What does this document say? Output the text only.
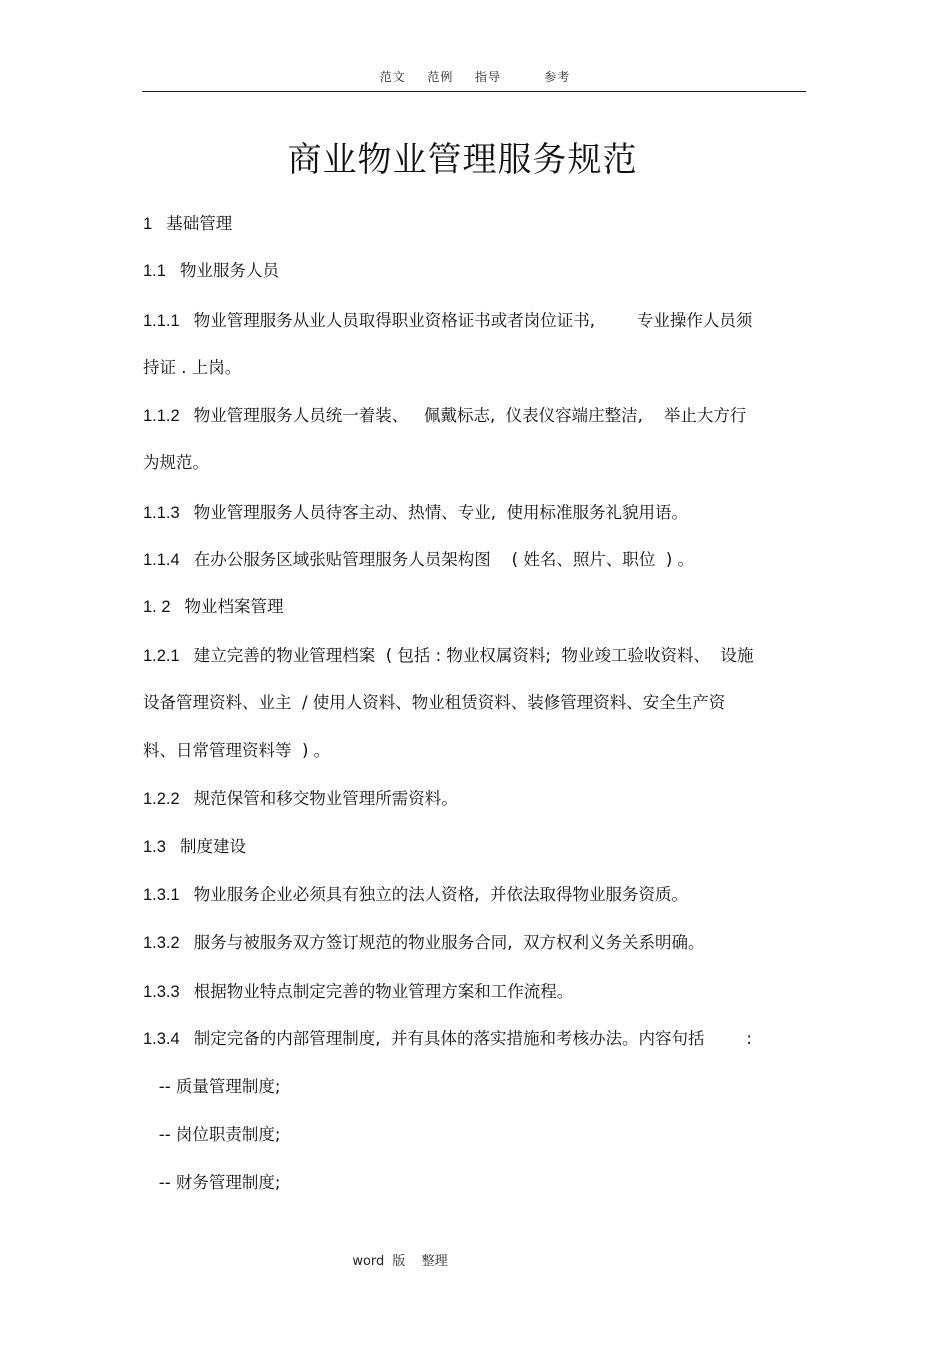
范文  范例  指导    参考
商业物业管理服务规范
1 基础管理
1.1 物业服务人员
1.1.1 物业管理服务从业人员取得职业资格证书或者岗位证书,        专业操作人员须
持证 . 上岗。
1.1.2 物业管理服务人员统一着装、   佩戴标志,  仪表仪容端庄整洁,    举止大方行
为规范。
1.1.3 物业管理服务人员待客主动、热情、专业,  使用标准服务礼貌用语。
1.1.4 在办公服务区域张贴管理服务人员架构图    ( 姓名、照片、职位  ) 。
1. 2 物业档案管理
1.2.1 建立完善的物业管理档案  ( 包括 : 物业权属资料;  物业竣工验收资料、  设施
设备管理资料、业主  / 使用人资料、物业租赁资料、装修管理资料、安全生产资
料、日常管理资料等  ) 。
1.2.2 规范保管和移交物业管理所需资料。
1.3 制度建设
1.3.1 物业服务企业必须具有独立的法人资格,  并依法取得物业服务资质。
1.3.2 服务与被服务双方签订规范的物业服务合同,  双方权利义务关系明确。
1.3.3 根据物业特点制定完善的物业管理方案和工作流程。
1.3.4 制定完备的内部管理制度,  并有具体的落实措施和考核办法。内容句括        :
-- 质量管理制度;
-- 岗位职责制度;
-- 财务管理制度;
word 版  整理
